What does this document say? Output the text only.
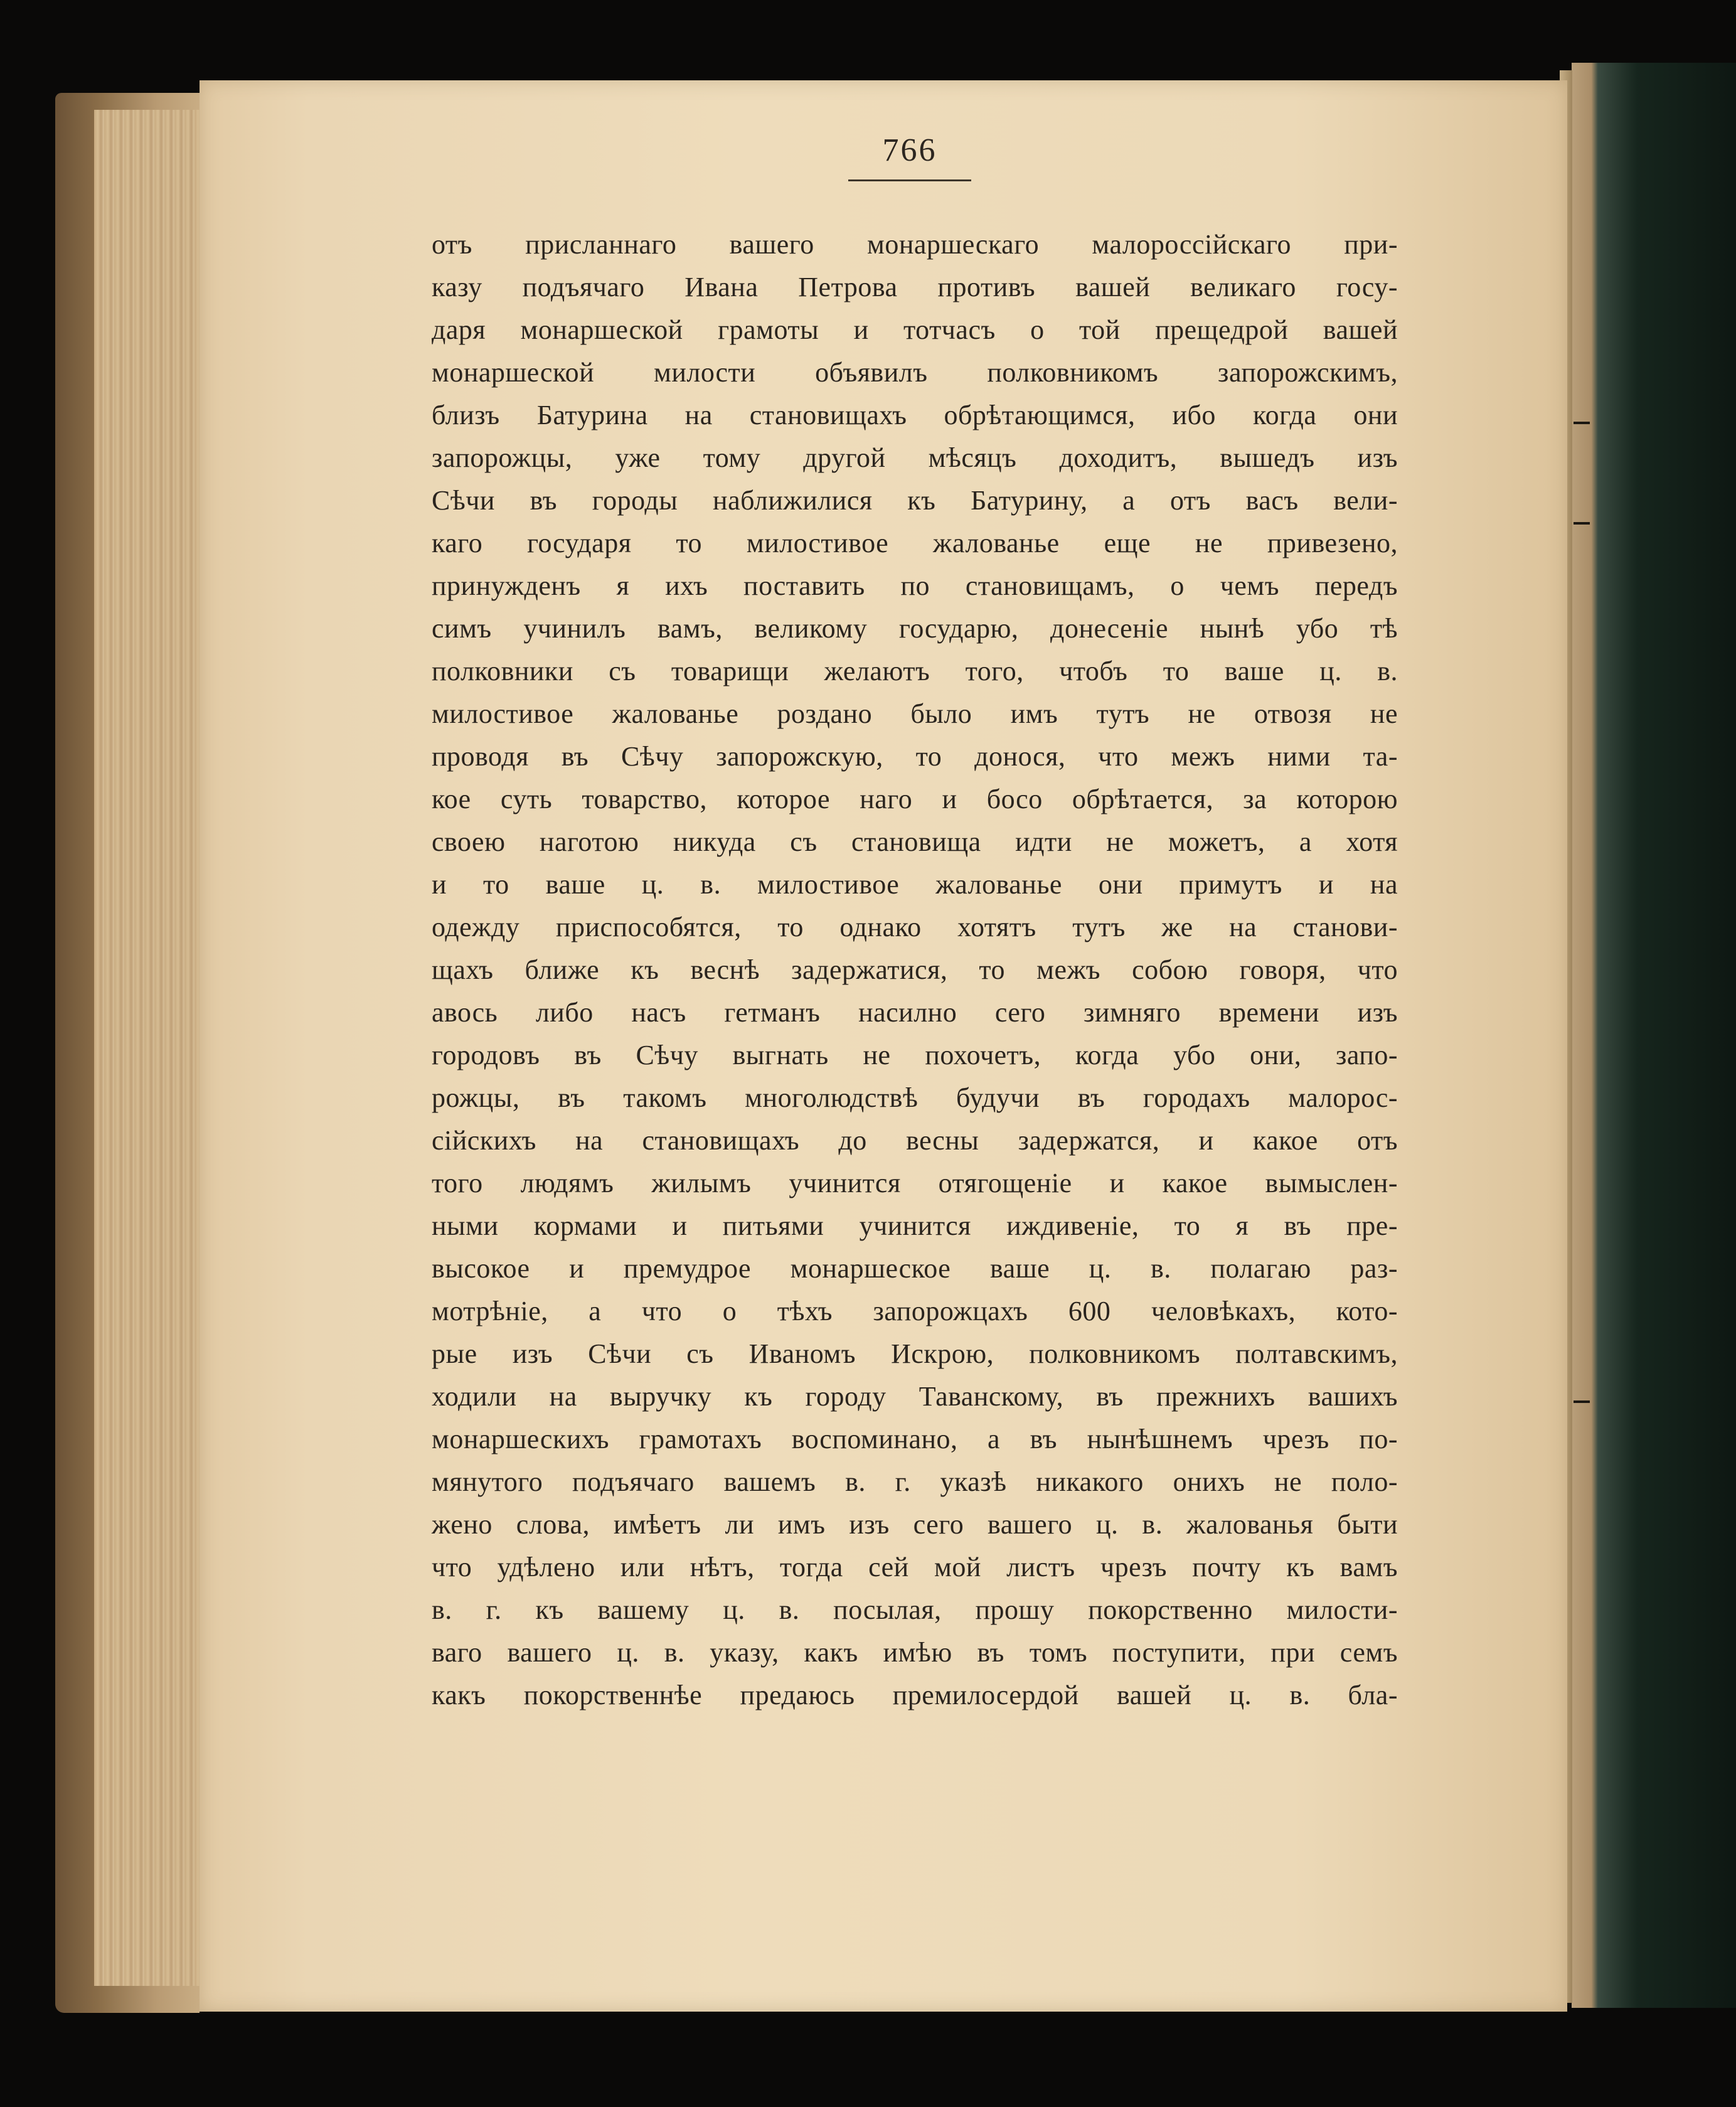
766
отъ присланнаго вашего монаршескаго малороссійскаго при-
казу подъячаго Ивана Петрова противъ вашей великаго госу-
даря монаршеской грамоты и тотчасъ о той прещедрой вашей
монаршеской милости объявилъ полковникомъ запорожскимъ,
близъ Батурина на становищахъ обрѣтающимся, ибо когда они
запорожцы, уже тому другой мѣсяцъ доходитъ, вышедъ изъ
Сѣчи въ городы наближилися къ Батурину, а отъ васъ вели-
каго государя то милостивое жалованье еще не привезено,
принужденъ я ихъ поставить по становищамъ, о чемъ передъ
симъ учинилъ вамъ, великому государю, донесеніе нынѣ убо тѣ
полковники съ товарищи желаютъ того, чтобъ то ваше ц. в.
милостивое жалованье роздано было имъ тутъ не отвозя не
проводя въ Сѣчу запорожскую, то донося, что межъ ними та-
кое суть товарство, которое наго и босо обрѣтается, за которою
своею наготою никуда съ становища идти не можетъ, а хотя
и то ваше ц. в. милостивое жалованье они примутъ и на
одежду приспособятся, то однако хотятъ тутъ же на станови-
щахъ ближе къ веснѣ задержатися, то межъ собою говоря, что
авось либо насъ гетманъ насилно сего зимняго времени изъ
городовъ въ Сѣчу выгнать не похочетъ, когда убо они, запо-
рожцы, въ такомъ многолюдствѣ будучи въ городахъ малорос-
сійскихъ на становищахъ до весны задержатся, и какое отъ
того людямъ жилымъ учинится отягощеніе и какое вымыслен-
ными кормами и питьями учинится иждивеніе, то я въ пре-
высокое и премудрое монаршеское ваше ц. в. полагаю раз-
мотрѣніе, а что о тѣхъ запорожцахъ 600 человѣкахъ, кото-
рые изъ Сѣчи съ Иваномъ Искрою, полковникомъ полтавскимъ,
ходили на выручку къ городу Таванскому, въ прежнихъ вашихъ
монаршескихъ грамотахъ воспоминано, а въ нынѣшнемъ чрезъ по-
мянутого подъячаго вашемъ в. г. указѣ никакого онихъ не поло-
жено слова, имѣетъ ли имъ изъ сего вашего ц. в. жалованья быти
что удѣлено или нѣтъ, тогда сей мой листъ чрезъ почту къ вамъ
в. г. къ вашему ц. в. посылая, прошу покорственно милости-
ваго вашего ц. в. указу, какъ имѣю въ томъ поступити, при семъ
какъ покорственнѣе предаюсь премилосердой вашей ц. в. бла-
